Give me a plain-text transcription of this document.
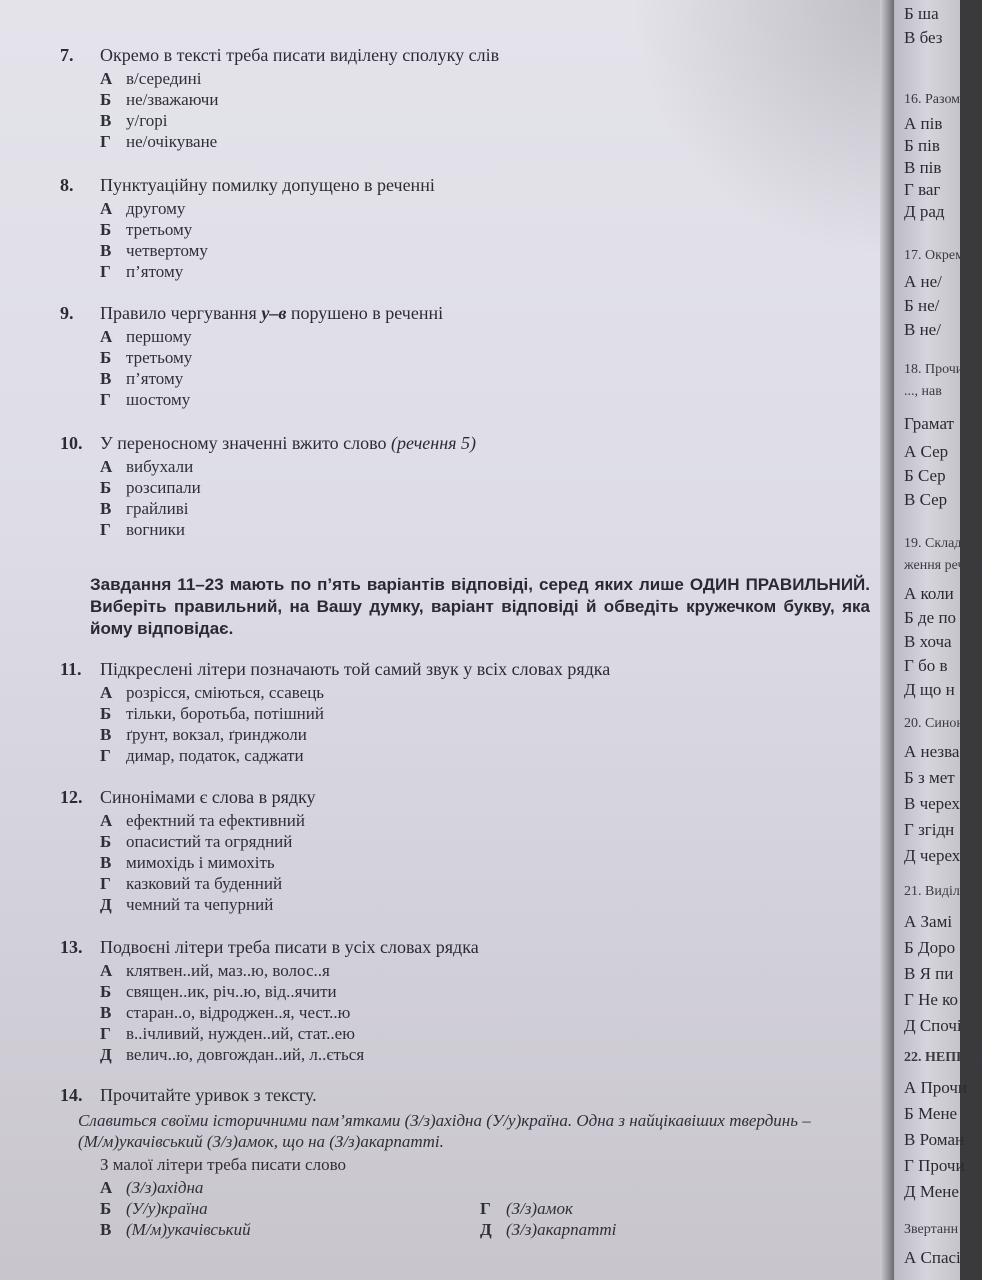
7.	Окремо в тексті треба писати виділену сполуку слів
А в/середині
Б не/зважаючи
В у/горі
Г не/очікуване
8.	Пунктуаційну помилку допущено в реченні
А другому
Б третьому
В четвертому
Г п’ятому
9.	Правило чергування у–в порушено в реченні
А першому
Б третьому
В п’ятому
Г шостому
10. У переносному значенні вжито слово (речення 5)
А вибухали
Б розсипали
В грайливі
Г вогники
Завдання 11–23 мають по п’ять варіантів відповіді, серед яких лише ОДИН ПРАВИЛЬНИЙ. Виберіть правильний, на Вашу думку, варіант відповіді й обведіть кружечком букву, яка йому відповідає.
11.	Підкреслені літери позначають той самий звук у всіх словах рядка
А розрісся, сміються, ссавець
Б тільки, боротьба, потішний
В ґрунт, вокзал, ґринджоли
Г димар, податок, саджати
12. Синонімами є слова в рядку
А ефектний та ефективний
Б опасистий та огрядний
В мимохідь і мимохіть
Г казковий та буденний
Д чемний та чепурний
13. Подвоєні літери треба писати в усіх словах рядка
А клятвен..ий, маз..ю, волос..я
Б священ..ик, річ..ю, від..ячити
В старан..о, відроджен..я, чест..ю
Г в..ічливий, нужден..ий, стат..ею
Д велич..ю, довгождан..ий, л..ється
14. Прочитайте уривок з тексту.
Славиться своїми історичними пам’ятками (З/з)ахідна (У/у)країна. Одна з найцікавіших твердинь – (М/м)укачівський (З/з)амок, що на (З/з)акарпатті.
З малої літери треба писати слово
А (З/з)ахідна
Б (У/у)країна
В (М/м)укачівський
Г (З/з)амок
Д (З/з)акарпатті
Б ша
В без
16. Разом
А пів
Б пів
В пів
Г ваг
Д рад
17. Окрем
А не/
Б не/
В не/
18. Прочи
..., нав
Грамат
А Сер
Б Сер
В Сер
19. Складн
ження речен
А коли
Б де по
В хоча
Г бо в
Д що н
20. Синоні
А незва
Б з мет
В черех
Г згідн
Д черех
21. Виділен
А Замі
Б Доро
В Я пи
Г Не ко
Д Спочі
22. НЕПРАВ
А Прочи
Б Мене
В Роман
Г Прочи
Д Мене
Звертанн
А Спасі
